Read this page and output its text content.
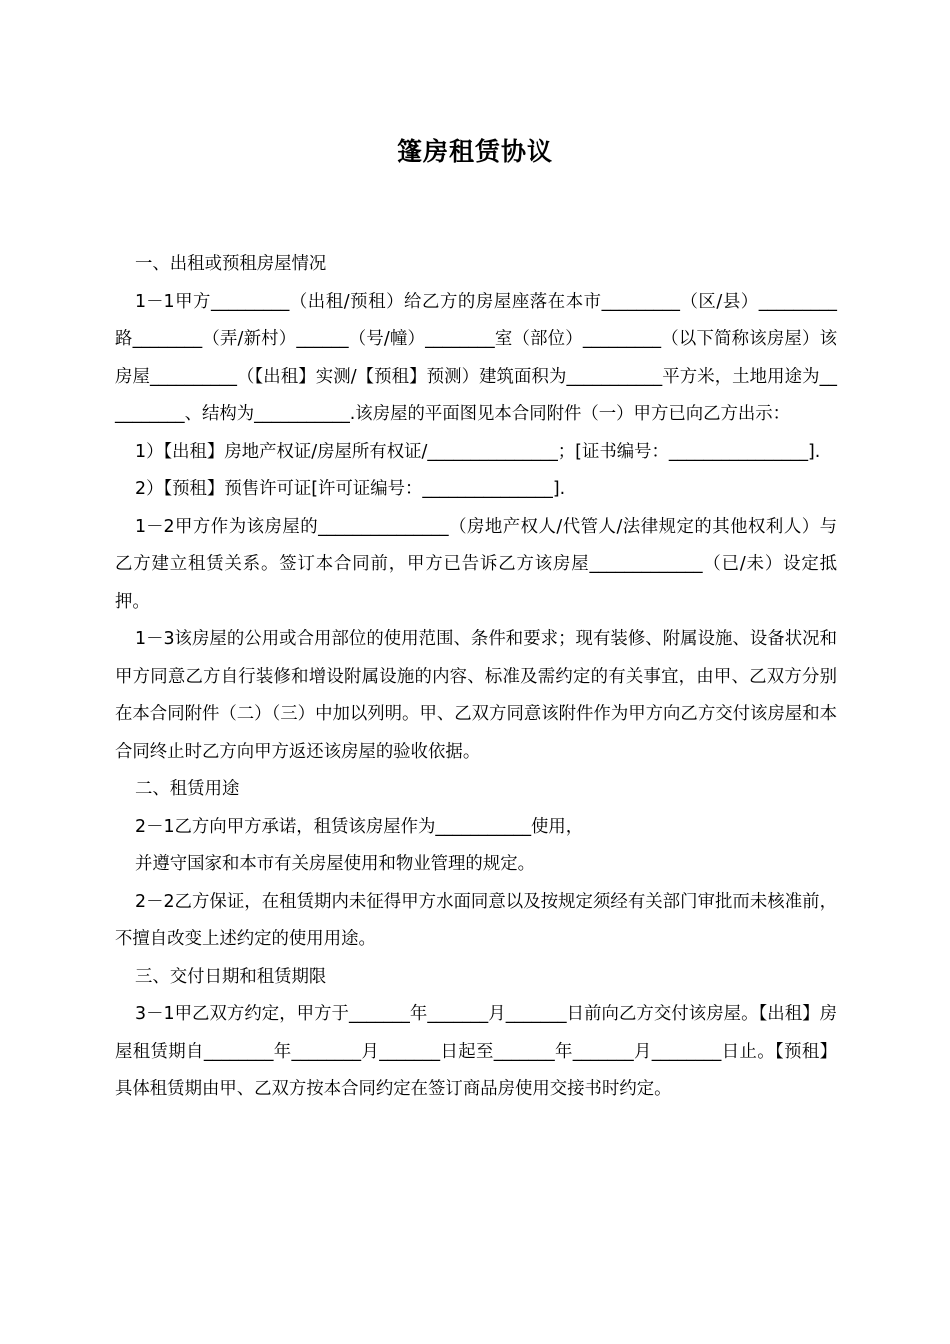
篷房租赁协议

一、出租或预租房屋情况

1－1甲方_________（出租/预租）给乙方的房屋座落在本市_________（区/县）_________路________（弄/新村）______（号/幢）________室（部位）_________（以下简称该房屋）该房屋__________（【出租】实测/【预租】预测）建筑面积为___________平方米，土地用途为__________、结构为___________.该房屋的平面图见本合同附件（一）甲方已向乙方出示：

1）【出租】房地产权证/房屋所有权证/_______________；[证书编号：________________].

2）【预租】预售许可证[许可证编号：_______________].

1－2甲方作为该房屋的_______________（房地产权人/代管人/法律规定的其他权利人）与乙方建立租赁关系。签订本合同前，甲方已告诉乙方该房屋_____________（已/未）设定抵押。

1－3该房屋的公用或合用部位的使用范围、条件和要求；现有装修、附属设施、设备状况和甲方同意乙方自行装修和增设附属设施的内容、标准及需约定的有关事宜，由甲、乙双方分别在本合同附件（二）（三）中加以列明。甲、乙双方同意该附件作为甲方向乙方交付该房屋和本合同终止时乙方向甲方返还该房屋的验收依据。

二、租赁用途

2－1乙方向甲方承诺，租赁该房屋作为___________使用，

并遵守国家和本市有关房屋使用和物业管理的规定。

2－2乙方保证，在租赁期内未征得甲方水面同意以及按规定须经有关部门审批而未核准前，不擅自改变上述约定的使用用途。

三、交付日期和租赁期限

3－1甲乙双方约定，甲方于_______年_______月_______日前向乙方交付该房屋。【出租】房屋租赁期自________年________月_______日起至_______年_______月________日止。【预租】具体租赁期由甲、乙双方按本合同约定在签订商品房使用交接书时约定。
